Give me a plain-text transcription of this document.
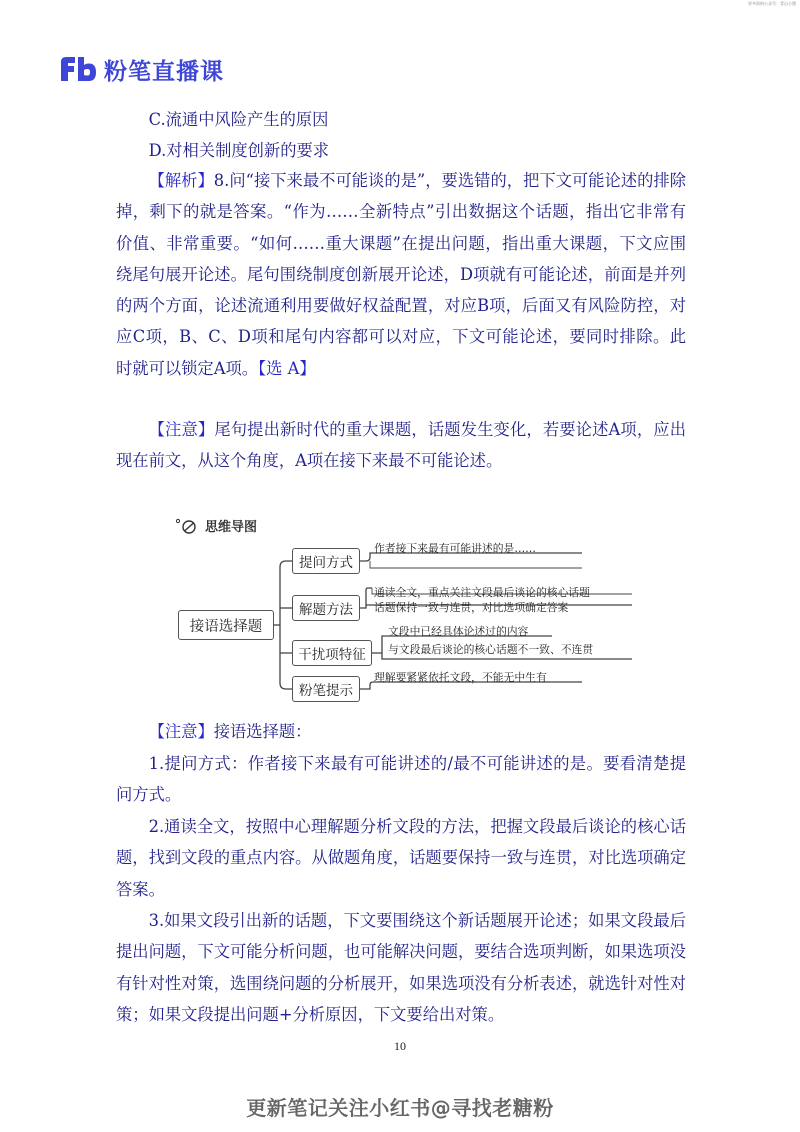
更多资料公众号：青山小猪
粉笔直播课

C.流通中风险产生的原因

D.对相关制度创新的要求

【解析】8.问“接下来最不可能谈的是”，要选错的，把下文可能论述的排除掉，剩下的就是答案。“作为……全新特点”引出数据这个话题，指出它非常有价值、非常重要。“如何……重大课题”在提出问题，指出重大课题，下文应围绕尾句展开论述。尾句围绕制度创新展开论述，D项就有可能论述，前面是并列的两个方面，论述流通利用要做好权益配置，对应B项，后面又有风险防控，对应C项，B、C、D项和尾句内容都可以对应，下文可能论述，要同时排除。此时就可以锁定A项。【选 A】

【注意】尾句提出新时代的重大课题，话题发生变化，若要论述A项，应出现在前文，从这个角度，A项在接下来最不可能论述。

思维导图
接语选择题
提问方式
解题方法
干扰项特征
粉笔提示
作者接下来最有可能讲述的是……
通读全文，重点关注文段最后谈论的核心话题
话题保持一致与连贯，对比选项确定答案
文段中已经具体论述过的内容
与文段最后谈论的核心话题不一致、不连贯
理解要紧紧依托文段，不能无中生有

【注意】接语选择题：

1.提问方式：作者接下来最有可能讲述的/最不可能讲述的是。要看清楚提问方式。

2.通读全文，按照中心理解题分析文段的方法，把握文段最后谈论的核心话题，找到文段的重点内容。从做题角度，话题要保持一致与连贯，对比选项确定答案。

3.如果文段引出新的话题，下文要围绕这个新话题展开论述；如果文段最后提出问题，下文可能分析问题，也可能解决问题，要结合选项判断，如果选项没有针对性对策，选围绕问题的分析展开，如果选项没有分析表述，就选针对性对策；如果文段提出问题+分析原因，下文要给出对策。

10
更新笔记关注小红书@寻找老糖粉
